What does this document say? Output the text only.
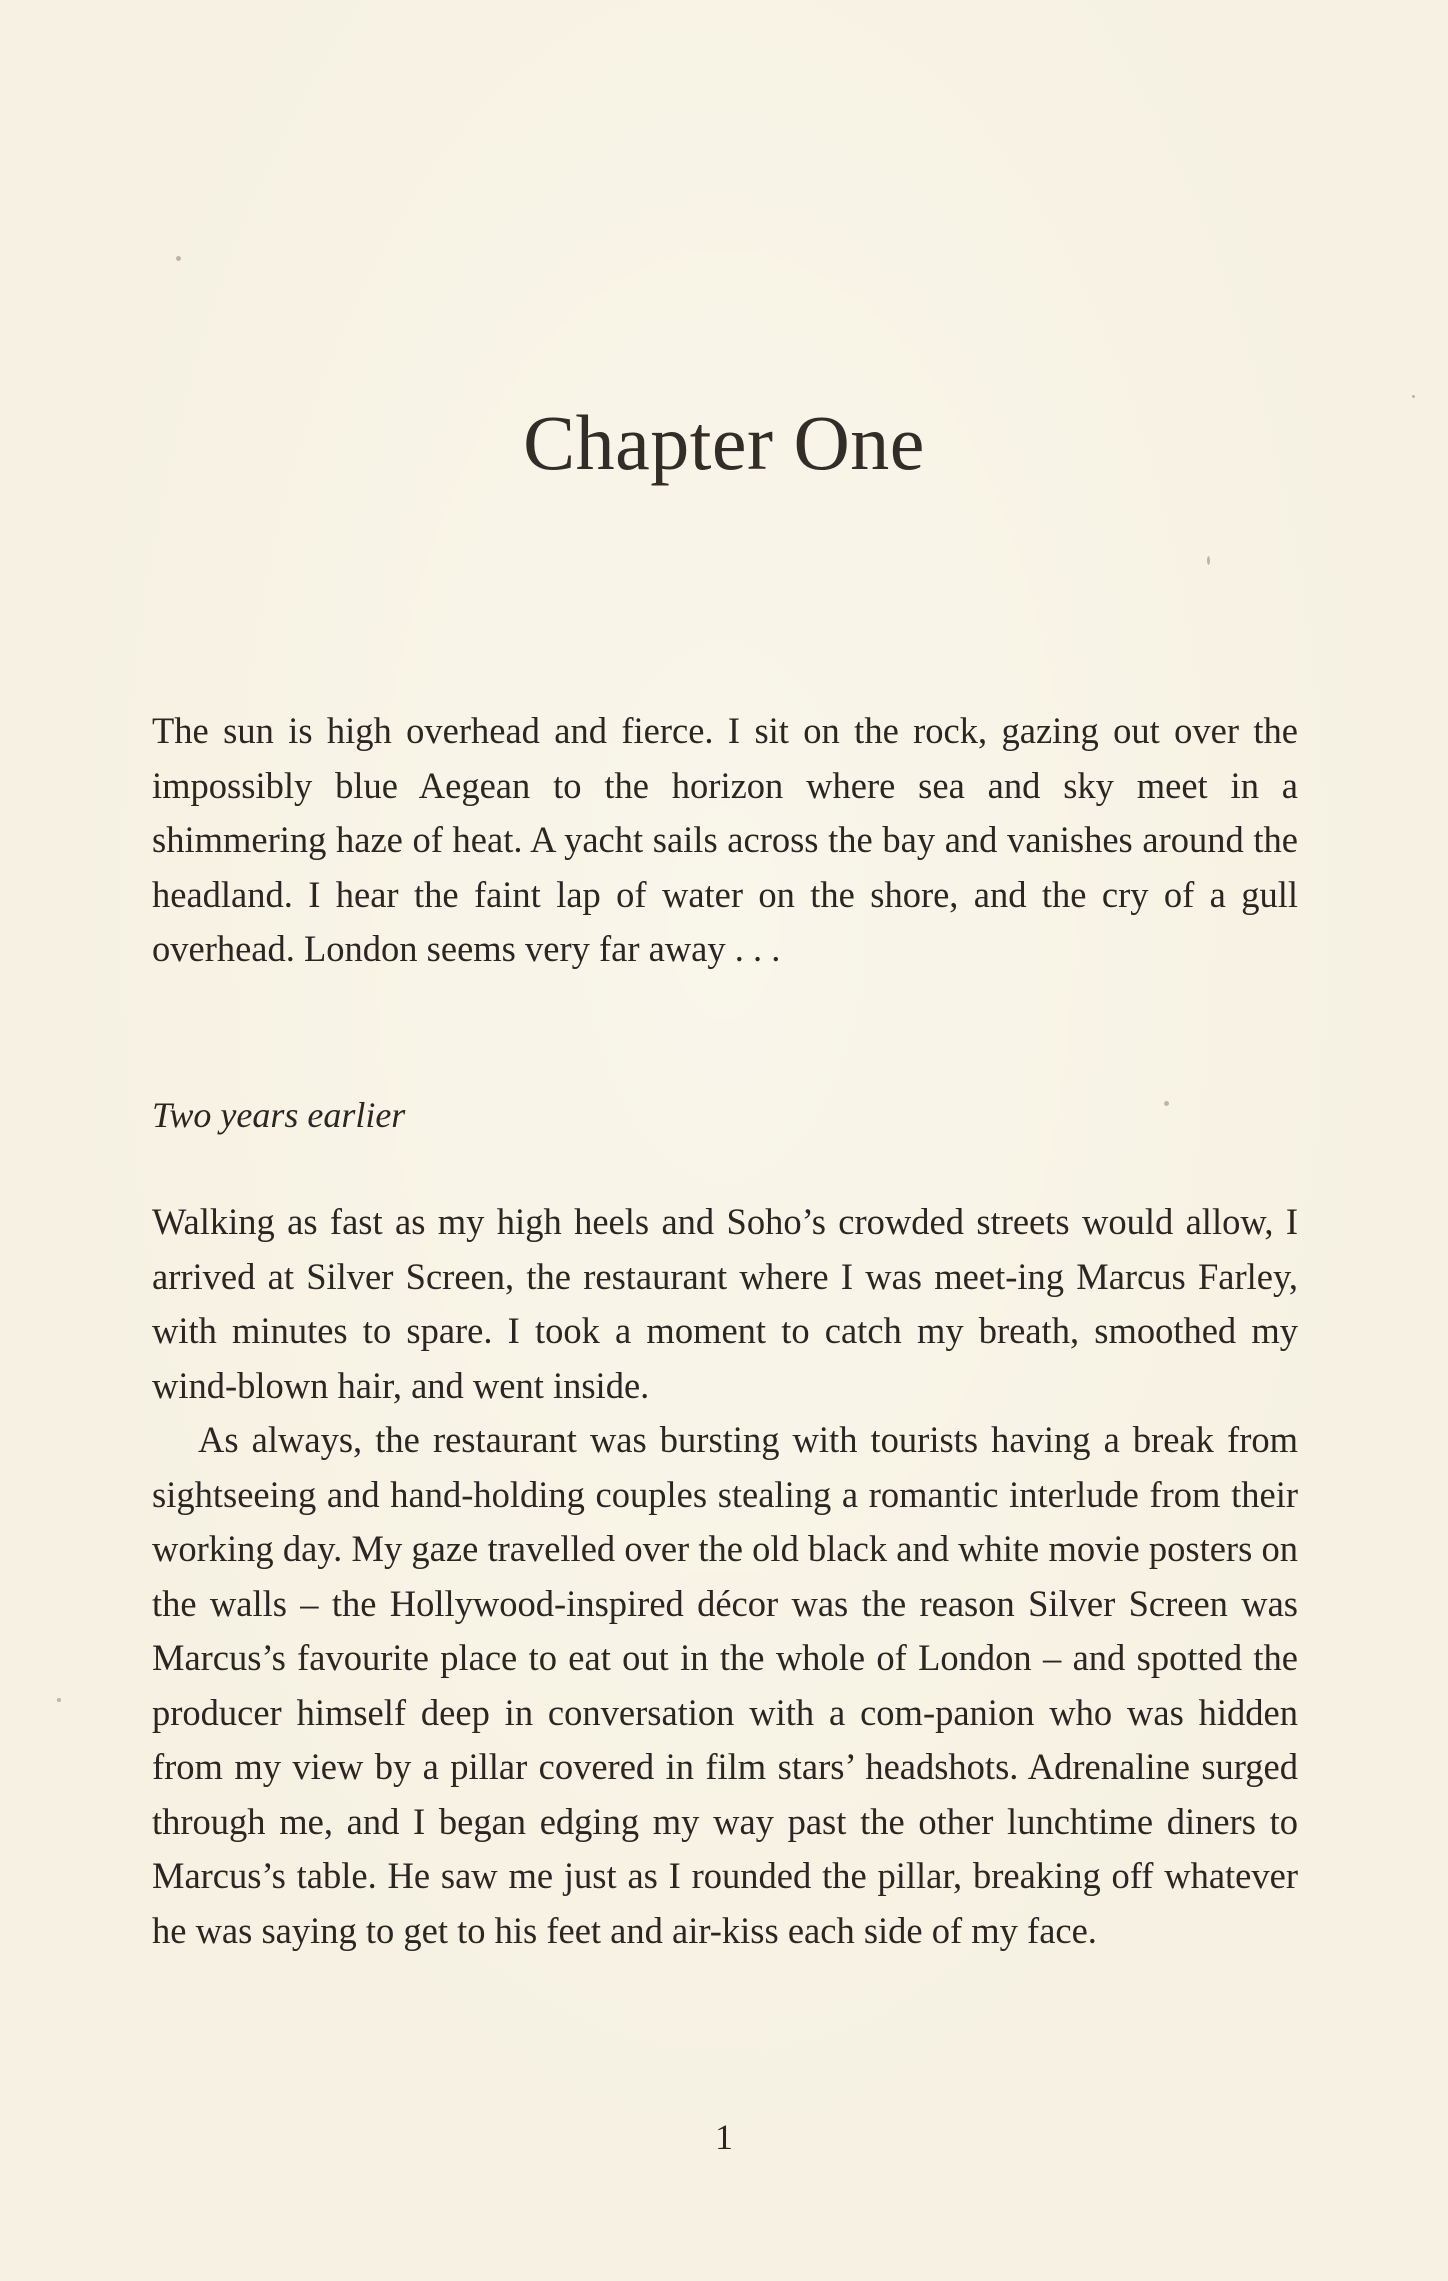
Chapter One

The sun is high overhead and fierce. I sit on the rock, gazing out over the impossibly blue Aegean to the horizon where sea and sky meet in a shimmering haze of heat. A yacht sails across the bay and vanishes around the headland. I hear the faint lap of water on the shore, and the cry of a gull overhead. London seems very far away . . .

Two years earlier

Walking as fast as my high heels and Soho’s crowded streets would allow, I arrived at Silver Screen, the restaurant where I was meet-ing Marcus Farley, with minutes to spare. I took a moment to catch my breath, smoothed my wind-blown hair, and went inside.

As always, the restaurant was bursting with tourists having a break from sightseeing and hand-holding couples stealing a romantic interlude from their working day. My gaze travelled over the old black and white movie posters on the walls – the Hollywood-inspired décor was the reason Silver Screen was Marcus’s favourite place to eat out in the whole of London – and spotted the producer himself deep in conversation with a com-panion who was hidden from my view by a pillar covered in film stars’ headshots. Adrenaline surged through me, and I began edging my way past the other lunchtime diners to Marcus’s table. He saw me just as I rounded the pillar, breaking off whatever he was saying to get to his feet and air-kiss each side of my face.

1
